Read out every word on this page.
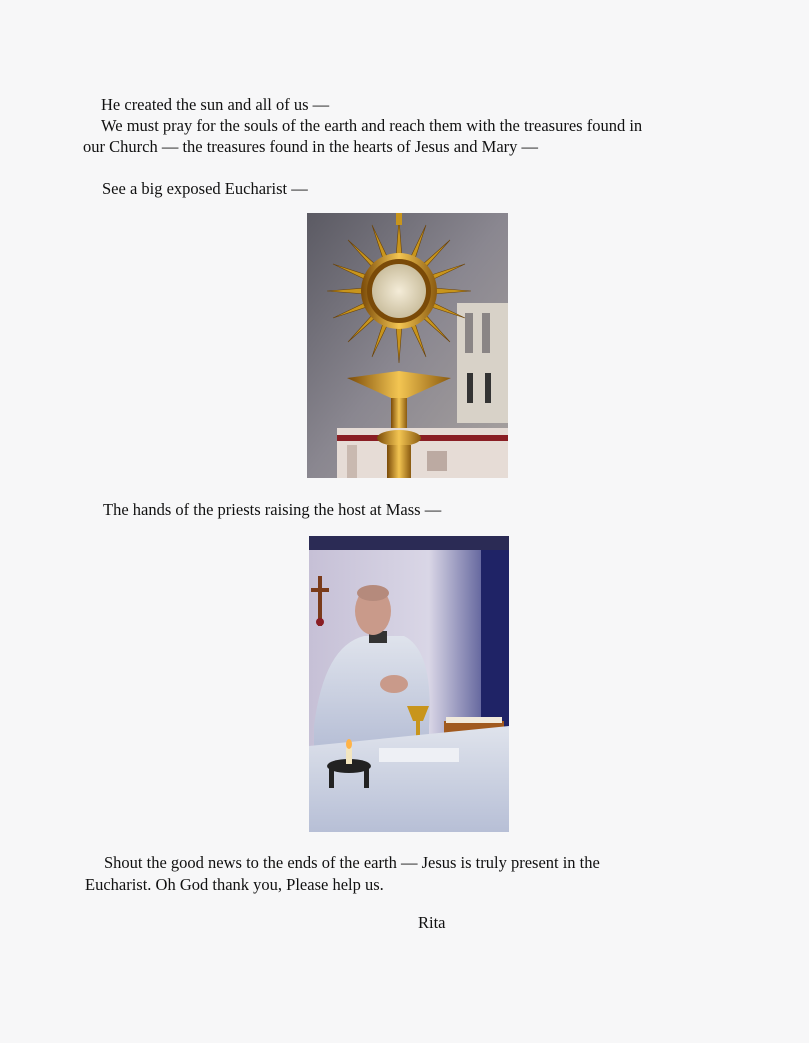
He created the sun and all of us —
We must pray for the souls of the earth and reach them with the treasures found in
our Church — the treasures found in the hearts of Jesus and Mary —
See a big exposed Eucharist —
The hands of the priests raising the host at Mass —
Shout the good news to the ends of the earth — Jesus is truly present in the
Eucharist. Oh God thank you, Please help us.
Rita
